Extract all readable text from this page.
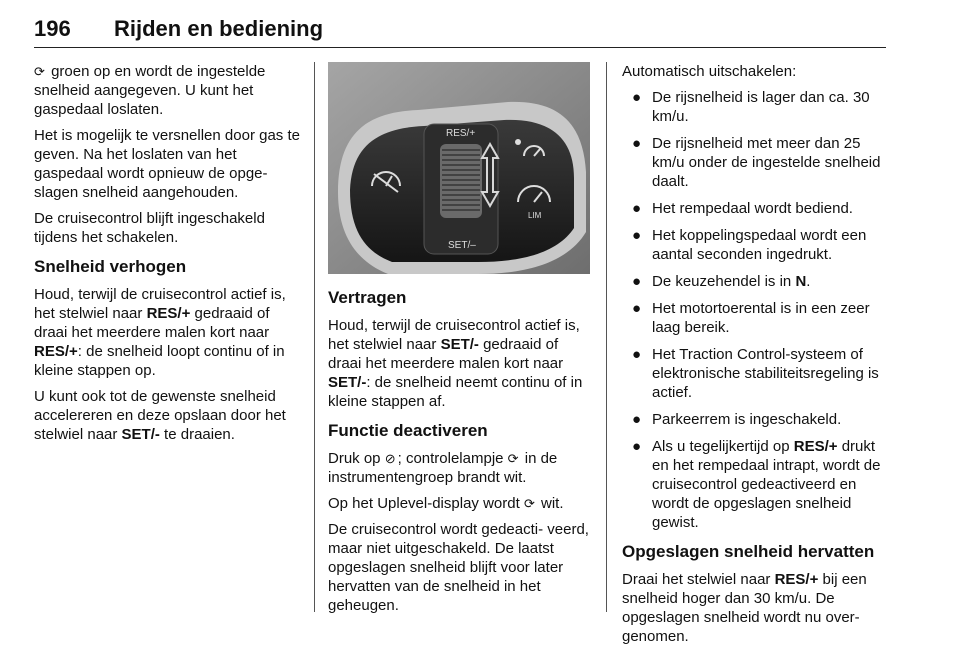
196 Rijden en bediening

⟳ groen op en wordt de ingestelde snelheid aangegeven. U kunt het gaspedaal loslaten.

Het is mogelijk te versnellen door gas te geven. Na het loslaten van het gaspedaal wordt opnieuw de opge- slagen snelheid aangehouden.

De cruisecontrol blijft ingeschakeld tijdens het schakelen.

Snelheid verhogen

Houd, terwijl de cruisecontrol actief is, het stelwiel naar RES/+ gedraaid of draai het meerdere malen kort naar RES/+: de snelheid loopt continu of in kleine stappen op.

U kunt ook tot de gewenste snelheid accelereren en deze opslaan door het stelwiel naar SET/- te draaien.

RES/+
SET/–
LIM
Vertragen

Houd, terwijl de cruisecontrol actief is, het stelwiel naar SET/- gedraaid of draai het meerdere malen kort naar SET/-: de snelheid neemt continu of in kleine stappen af.

Functie deactiveren

Druk op ⊘ ; controlelampje ⟳ in de instrumentengroep brandt wit.

Op het Uplevel-display wordt ⟳ wit.

De cruisecontrol wordt gedeacti- veerd, maar niet uitgeschakeld. De laatst opgeslagen snelheid blijft voor later hervatten van de snelheid in het geheugen.

Automatisch uitschakelen:

● De rijsnelheid is lager dan ca. 30 km/u.
● De rijsnelheid met meer dan 25 km/u onder de ingestelde snelheid daalt.
● Het rempedaal wordt bediend.
● Het koppelingspedaal wordt een aantal seconden ingedrukt.
● De keuzehendel is in N.
● Het motortoerental is in een zeer laag bereik.
● Het Traction Control-systeem of elektronische stabiliteitsregeling is actief.
● Parkeerrem is ingeschakeld.
● Als u tegelijkertijd op RES/+ drukt en het rempedaal intrapt, wordt de cruisecontrol gedeactiveerd en wordt de opgeslagen snelheid gewist.
Opgeslagen snelheid hervatten

Draai het stelwiel naar RES/+ bij een snelheid hoger dan 30 km/u. De opgeslagen snelheid wordt nu over- genomen.
